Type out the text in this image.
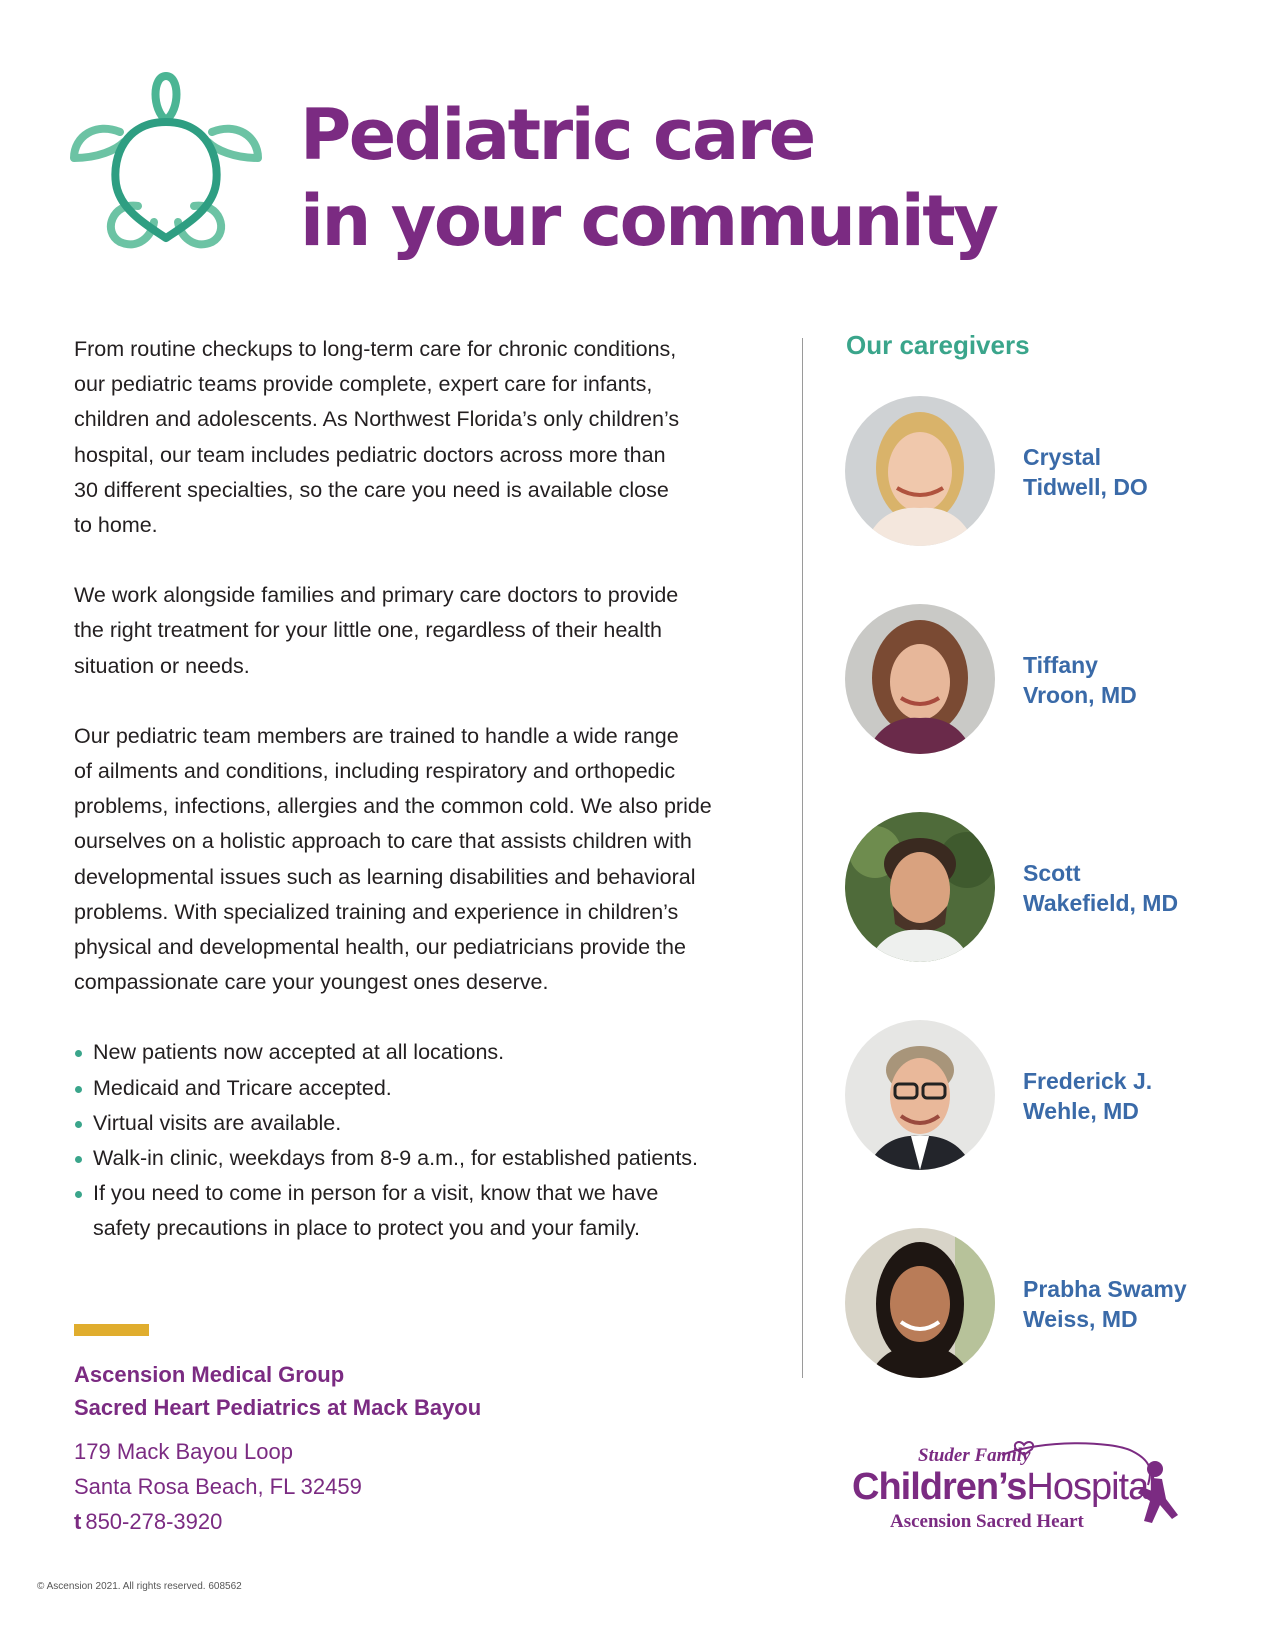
Pediatric care
in your community

From routine checkups to long-term care for chronic conditions,
our pediatric teams provide complete, expert care for infants,
children and adolescents. As Northwest Florida’s only children’s
hospital, our team includes pediatric doctors across more than
30 different specialties, so the care you need is available close
to home.

We work alongside families and primary care doctors to provide
the right treatment for your little one, regardless of their health
situation or needs.

Our pediatric team members are trained to handle a wide range
of ailments and conditions, including respiratory and orthopedic
problems, infections, allergies and the common cold. We also pride
ourselves on a holistic approach to care that assists children with
developmental issues such as learning disabilities and behavioral
problems. With specialized training and experience in children’s
physical and developmental health, our pediatricians provide the
compassionate care your youngest ones deserve.

New patients now accepted at all locations.
Medicaid and Tricare accepted.
Virtual visits are available.
Walk-in clinic, weekdays from 8-9 a.m., for established patients.
If you need to come in person for a visit, know that we have
safety precautions in place to protect you and your family.
Ascension Medical Group
Sacred Heart Pediatrics at Mack Bayou
179 Mack Bayou Loop
Santa Rosa Beach, FL 32459
t 850-278-3920
© Ascension 2021. All rights reserved. 608562
Our caregivers

Crystal
Tidwell, DO

Tiffany
Vroon, MD

Scott
Wakefield, MD

Frederick J.
Wehle, MD

Prabha Swamy
Weiss, MD

Studer Family
Children’sHospital
Ascension Sacred Heart
